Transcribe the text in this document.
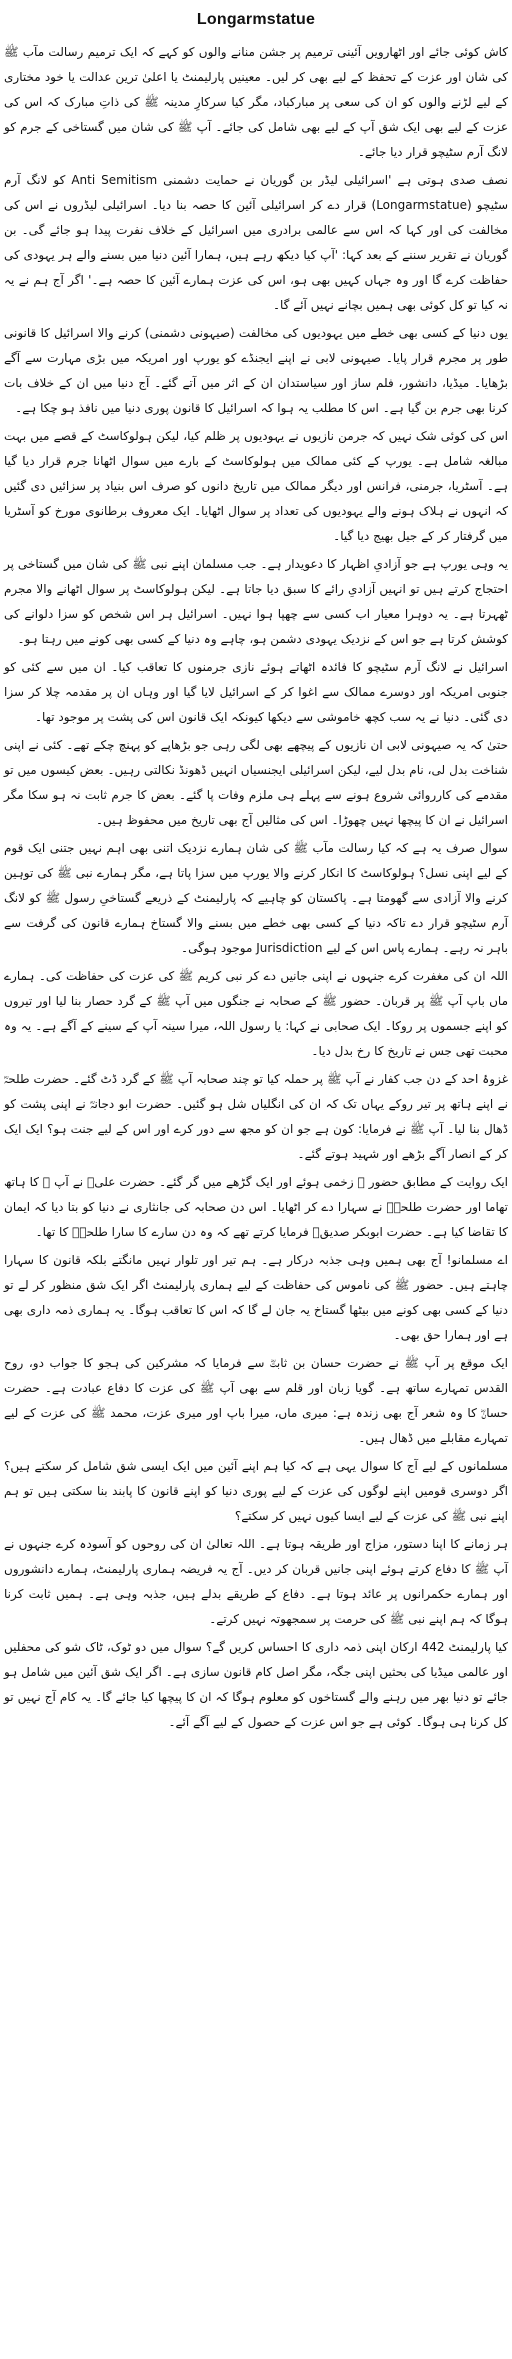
Longarmstatue

کاش کوئی جائے اور اٹھارویں آئینی ترمیم پر جشن منانے والوں کو کہے کہ ایک ترمیم رسالت مآب ﷺ کی شان اور عزت کے تحفظ کے لیے بھی کر لیں۔ معینیں پارلیمنٹ یا اعلیٰ ترین عدالت یا خود مختاری کے لیے لڑنے والوں کو ان کی سعی پر مبارکباد، مگر کیا سرکارِ مدینہ ﷺ کی ذاتِ مبارک کہ اس کی عزت کے لیے بھی ایک شق آپ کے لیے بھی شامل کی جائے۔ آپ ﷺ کی شان میں گستاخی کے جرم کو لانگ آرم سٹیچو قرار دیا جائے۔

نصف صدی ہوتی ہے 'اسرائیلی لیڈر بن گوریان نے حمایت دشمنی Anti Semitism کو لانگ آرم سٹیچو (Longarmstatue) قرار دے کر اسرائیلی آئین کا حصہ بنا دیا۔ اسرائیلی لیڈروں نے اس کی مخالفت کی اور کہا کہ اس سے عالمی برادری میں اسرائیل کے خلاف نفرت پیدا ہو جائے گی۔ بن گوریان نے تقریر سننے کے بعد کہا: 'آپ کیا دیکھ رہے ہیں، ہمارا آئین دنیا میں بسنے والے ہر یہودی کی حفاظت کرے گا اور وہ جہاں کہیں بھی ہو، اس کی عزت ہمارے آئین کا حصہ ہے۔' اگر آج ہم نے یہ نہ کیا تو کل کوئی بھی ہمیں بچانے نہیں آئے گا۔

یوں دنیا کے کسی بھی خطے میں یہودیوں کی مخالفت (صیہونی دشمنی) کرنے والا اسرائیل کا قانونی طور پر مجرم قرار پایا۔ صیہونی لابی نے اپنے ایجنڈے کو یورپ اور امریکہ میں بڑی مہارت سے آگے بڑھایا۔ میڈیا، دانشور، فلم ساز اور سیاستدان ان کے اثر میں آتے گئے۔ آج دنیا میں ان کے خلاف بات کرنا بھی جرم بن گیا ہے۔ اس کا مطلب یہ ہوا کہ اسرائیل کا قانون پوری دنیا میں نافذ ہو چکا ہے۔

اس کی کوئی شک نہیں کہ جرمن نازیوں نے یہودیوں پر ظلم کیا، لیکن ہولوکاسٹ کے قصے میں بہت مبالغہ شامل ہے۔ یورپ کے کئی ممالک میں ہولوکاسٹ کے بارے میں سوال اٹھانا جرم قرار دیا گیا ہے۔ آسٹریا، جرمنی، فرانس اور دیگر ممالک میں تاریخ دانوں کو صرف اس بنیاد پر سزائیں دی گئیں کہ انہوں نے ہلاک ہونے والے یہودیوں کی تعداد پر سوال اٹھایا۔ ایک معروف برطانوی مورخ کو آسٹریا میں گرفتار کر کے جیل بھیج دیا گیا۔

یہ وہی یورپ ہے جو آزادیِ اظہار کا دعویدار ہے۔ جب مسلمان اپنے نبی ﷺ کی شان میں گستاخی پر احتجاج کرتے ہیں تو انہیں آزادیِ رائے کا سبق دیا جاتا ہے۔ لیکن ہولوکاسٹ پر سوال اٹھانے والا مجرم ٹھہرتا ہے۔ یہ دوہرا معیار اب کسی سے چھپا ہوا نہیں۔ اسرائیل ہر اس شخص کو سزا دلوانے کی کوشش کرتا ہے جو اس کے نزدیک یہودی دشمن ہو، چاہے وہ دنیا کے کسی بھی کونے میں رہتا ہو۔

اسرائیل نے لانگ آرم سٹیچو کا فائدہ اٹھاتے ہوئے نازی جرمنوں کا تعاقب کیا۔ ان میں سے کئی کو جنوبی امریکہ اور دوسرے ممالک سے اغوا کر کے اسرائیل لایا گیا اور وہاں ان پر مقدمہ چلا کر سزا دی گئی۔ دنیا نے یہ سب کچھ خاموشی سے دیکھا کیونکہ ایک قانون اس کی پشت پر موجود تھا۔

حتیٰ کہ یہ صیہونی لابی ان نازیوں کے پیچھے بھی لگی رہی جو بڑھاپے کو پہنچ چکے تھے۔ کئی نے اپنی شناخت بدل لی، نام بدل لیے، لیکن اسرائیلی ایجنسیاں انہیں ڈھونڈ نکالتی رہیں۔ بعض کیسوں میں تو مقدمے کی کارروائی شروع ہونے سے پہلے ہی ملزم وفات پا گئے۔ بعض کا جرم ثابت نہ ہو سکا مگر اسرائیل نے ان کا پیچھا نہیں چھوڑا۔ اس کی مثالیں آج بھی تاریخ میں محفوظ ہیں۔

سوال صرف یہ ہے کہ کیا رسالت مآب ﷺ کی شان ہمارے نزدیک اتنی بھی اہم نہیں جتنی ایک قوم کے لیے اپنی نسل؟ ہولوکاسٹ کا انکار کرنے والا یورپ میں سزا پاتا ہے، مگر ہمارے نبی ﷺ کی توہین کرنے والا آزادی سے گھومتا ہے۔ پاکستان کو چاہیے کہ پارلیمنٹ کے ذریعے گستاخیِ رسول ﷺ کو لانگ آرم سٹیچو قرار دے تاکہ دنیا کے کسی بھی خطے میں بسنے والا گستاخ ہمارے قانون کی گرفت سے باہر نہ رہے۔ ہمارے پاس اس کے لیے Jurisdiction موجود ہوگی۔

اللہ ان کی مغفرت کرے جنہوں نے اپنی جانیں دے کر نبی کریم ﷺ کی عزت کی حفاظت کی۔ ہمارے ماں باپ آپ ﷺ پر قربان۔ حضور ﷺ کے صحابہ نے جنگوں میں آپ ﷺ کے گرد حصار بنا لیا اور تیروں کو اپنے جسموں پر روکا۔ ایک صحابی نے کہا: یا رسول اللہ، میرا سینہ آپ کے سینے کے آگے ہے۔ یہ وہ محبت تھی جس نے تاریخ کا رخ بدل دیا۔

غزوۂ احد کے دن جب کفار نے آپ ﷺ پر حملہ کیا تو چند صحابہ آپ ﷺ کے گرد ڈٹ گئے۔ حضرت طلحہؓ نے اپنے ہاتھ پر تیر روکے یہاں تک کہ ان کی انگلیاں شل ہو گئیں۔ حضرت ابو دجانہؓ نے اپنی پشت کو ڈھال بنا لیا۔ آپ ﷺ نے فرمایا: کون ہے جو ان کو مجھ سے دور کرے اور اس کے لیے جنت ہو؟ ایک ایک کر کے انصار آگے بڑھے اور شہید ہوتے گئے۔

ایک روایت کے مطابق حضور ﷺ زخمی ہوئے اور ایک گڑھے میں گر گئے۔ حضرت علیؓ نے آپ ﷺ کا ہاتھ تھاما اور حضرت طلحہؓ نے سہارا دے کر اٹھایا۔ اس دن صحابہ کی جانثاری نے دنیا کو بتا دیا کہ ایمان کا تقاضا کیا ہے۔ حضرت ابوبکر صدیقؓ فرمایا کرتے تھے کہ وہ دن سارے کا سارا طلحہؓ کا تھا۔

اے مسلمانو! آج بھی ہمیں وہی جذبہ درکار ہے۔ ہم تیر اور تلوار نہیں مانگتے بلکہ قانون کا سہارا چاہتے ہیں۔ حضور ﷺ کی ناموس کی حفاظت کے لیے ہماری پارلیمنٹ اگر ایک شق منظور کر لے تو دنیا کے کسی بھی کونے میں بیٹھا گستاخ یہ جان لے گا کہ اس کا تعاقب ہوگا۔ یہ ہماری ذمہ داری بھی ہے اور ہمارا حق بھی۔

ایک موقع پر آپ ﷺ نے حضرت حسان بن ثابتؓ سے فرمایا کہ مشرکین کی ہجو کا جواب دو، روح القدس تمہارے ساتھ ہے۔ گویا زبان اور قلم سے بھی آپ ﷺ کی عزت کا دفاع عبادت ہے۔ حضرت حسانؓ کا وہ شعر آج بھی زندہ ہے: میری ماں، میرا باپ اور میری عزت، محمد ﷺ کی عزت کے لیے تمہارے مقابلے میں ڈھال ہیں۔

مسلمانوں کے لیے آج کا سوال یہی ہے کہ کیا ہم اپنے آئین میں ایک ایسی شق شامل کر سکتے ہیں؟ اگر دوسری قومیں اپنے لوگوں کی عزت کے لیے پوری دنیا کو اپنے قانون کا پابند بنا سکتی ہیں تو ہم اپنے نبی ﷺ کی عزت کے لیے ایسا کیوں نہیں کر سکتے؟

ہر زمانے کا اپنا دستور، مزاج اور طریقہ ہوتا ہے۔ اللہ تعالیٰ ان کی روحوں کو آسودہ کرے جنہوں نے آپ ﷺ کا دفاع کرتے ہوئے اپنی جانیں قربان کر دیں۔ آج یہ فریضہ ہماری پارلیمنٹ، ہمارے دانشوروں اور ہمارے حکمرانوں پر عائد ہوتا ہے۔ دفاع کے طریقے بدلے ہیں، جذبہ وہی ہے۔ ہمیں ثابت کرنا ہوگا کہ ہم اپنے نبی ﷺ کی حرمت پر سمجھوتہ نہیں کرتے۔

کیا پارلیمنٹ 442 ارکان اپنی ذمہ داری کا احساس کریں گے؟ سوال میں دو ٹوک، ٹاک شو کی محفلیں اور عالمی میڈیا کی بحثیں اپنی جگہ، مگر اصل کام قانون سازی ہے۔ اگر ایک شق آئین میں شامل ہو جائے تو دنیا بھر میں رہنے والے گستاخوں کو معلوم ہوگا کہ ان کا پیچھا کیا جائے گا۔ یہ کام آج نہیں تو کل کرنا ہی ہوگا۔ کوئی ہے جو اس عزت کے حصول کے لیے آگے آئے۔
